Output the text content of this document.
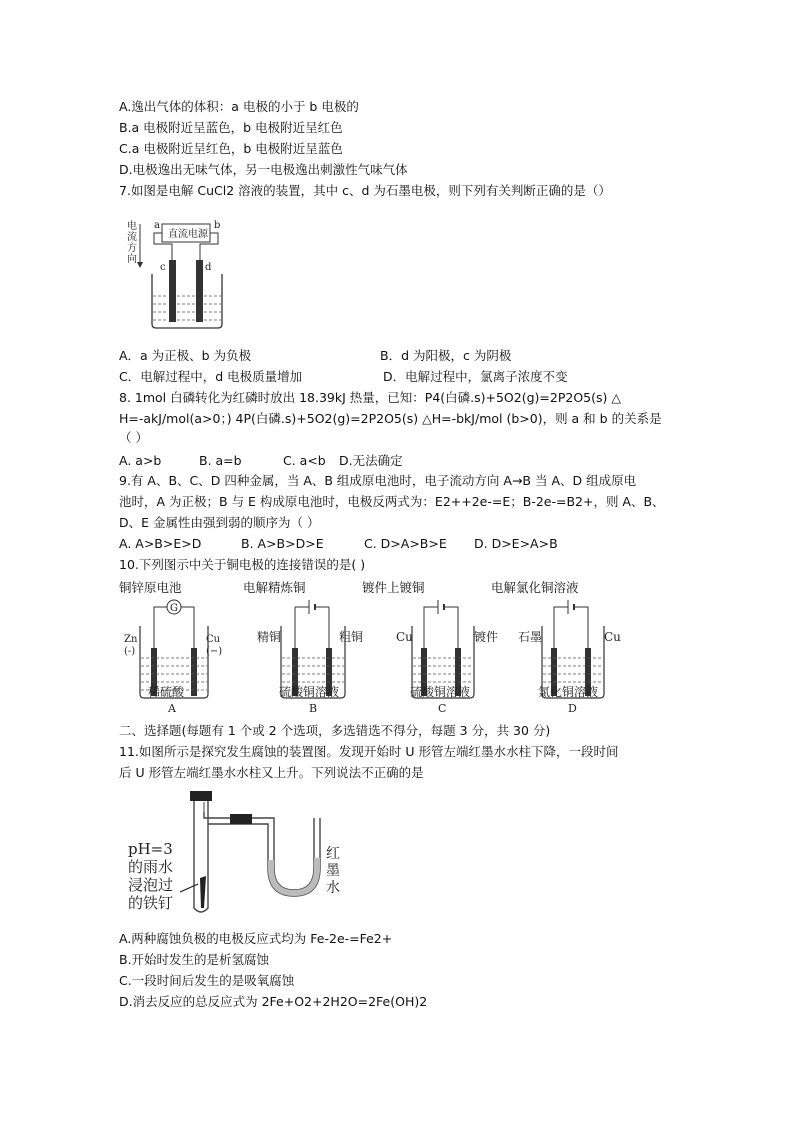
A.逸出气体的体积：a 电极的小于 b 电极的
B.a 电极附近呈蓝色，b 电极附近呈红色
C.a 电极附近呈红色，b 电极附近呈蓝色
D.电极逸出无味气体，另一电极逸出刺激性气味气体
7.如图是电解 CuCl2 溶液的装置，其中 c、d 为石墨电极，则下列有关判断正确的是（）
电
流
方
向
直流电源
a	b
c	d
A．a 为正极、b 为负极	B．d 为阳极，c 为阴极
C．电解过程中，d 电极质量增加	D．电解过程中，氯离子浓度不变
8. 1mol 白磷转化为红磷时放出 18.39kJ 热量，已知：P4(白磷.s)+5O2(g)=2P2O5(s) △
H=-akJ/mol(a>0；) 4P(白磷.s)+5O2(g)=2P2O5(s) △H=-bkJ/mol (b>0)，则 a 和 b 的关系是
（ ）
A. a>b	B. a=b	C. a<b D.无法确定
9.有 A、B、C、D 四种金属，当 A、B 组成原电池时，电子流动方向 A→B 当 A、D 组成原电
池时，A 为正极；B 与 E 构成原电池时，电极反两式为：E2++2e-=E；B-2e-=B2+，则 A、B、
D、E 金属性由强到弱的顺序为（ ）
A. A>B>E>D	B. A>B>D>E	C. D>A>B>E D. D>E>A>B
10.下列图示中关于铜电极的连接错误的是( )
铜锌原电池	电解精炼铜	镀件上镀铜	电解氯化铜溶液
G
Zn
(-)
Cu
(−)
稀硫酸
A
精铜	粗铜
硫酸铜溶液
B
Cu	镀件
硫酸铜溶液
C
石墨	Cu
氯化铜溶液
D
二、选择题(每题有 1 个或 2 个选项，多选错选不得分，每题 3 分，共 30 分)
11.如图所示是探究发生腐蚀的装置图。发现开始时 U 形管左端红墨水水柱下降，一段时间
后 U 形管左端红墨水水柱又上升。下列说法不正确的是
pH=3
的雨水
浸泡过
的铁钉
红
墨
水
A.两种腐蚀负极的电极反应式均为 Fe-2e-=Fe2+
B.开始时发生的是析氢腐蚀
C.一段时间后发生的是吸氧腐蚀
D.消去反应的总反应式为 2Fe+O2+2H2O=2Fe(OH)2
